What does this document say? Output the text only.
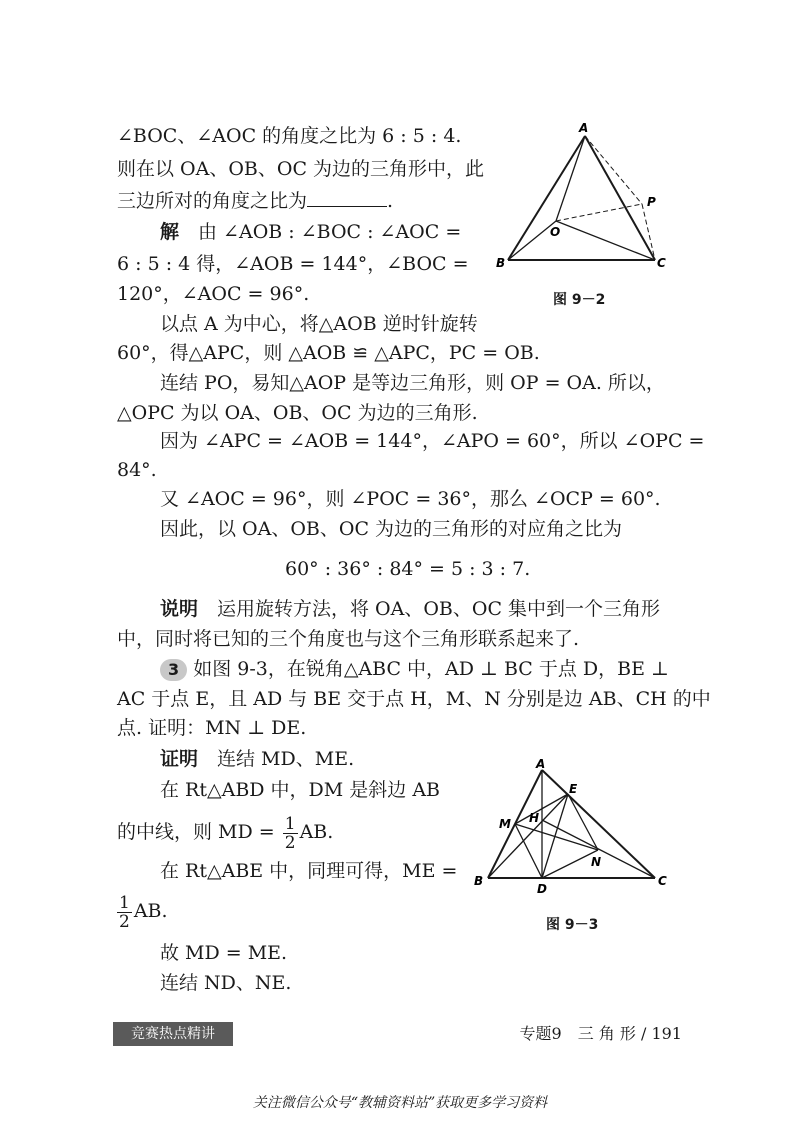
∠BOC、∠AOC 的角度之比为 6 : 5 : 4.
则在以 OA、OB、OC 为边的三角形中，此
三边所对的角度之比为	.
解  由 ∠AOB : ∠BOC : ∠AOC =
6 : 5 : 4 得，∠AOB = 144°，∠BOC =
120°，∠AOC = 96°.
以点 A 为中心，将△AOB 逆时针旋转
60°，得△APC，则 △AOB ≌ △APC，PC = OB.
连结 PO，易知△AOP 是等边三角形，则 OP = OA. 所以，
△OPC 为以 OA、OB、OC 为边的三角形.
因为 ∠APC = ∠AOB = 144°，∠APO = 60°，所以 ∠OPC =
84°.
又 ∠AOC = 96°，则 ∠POC = 36°，那么 ∠OCP = 60°.
因此，以 OA、OB、OC 为边的三角形的对应角之比为
60° : 36° : 84° = 5 : 3 : 7.
说明  运用旋转方法，将 OA、OB、OC 集中到一个三角形
中，同时将已知的三个角度也与这个三角形联系起来了.
3 如图 9-3，在锐角△ABC 中，AD ⊥ BC 于点 D，BE ⊥
AC 于点 E，且 AD 与 BE 交于点 H，M、N 分别是边 AB、CH 的中
点. 证明：MN ⊥ DE.
证明  连结 MD、ME.
在 Rt△ABD 中，DM 是斜边 AB
的中线，则 MD = $\frac{1}{2}$ AB.
在 Rt△ABE 中，同理可得，ME =
$\frac{1}{2}$ AB.
故 MD = ME.
连结 ND、NE.
A
B	C
O
P
图 9－2
A
B	C
D
E
H
M
N
图 9－3
竞赛热点精讲	专题9　三 角 形 / 191
关注微信公众号“教辅资料站”获取更多学习资料
